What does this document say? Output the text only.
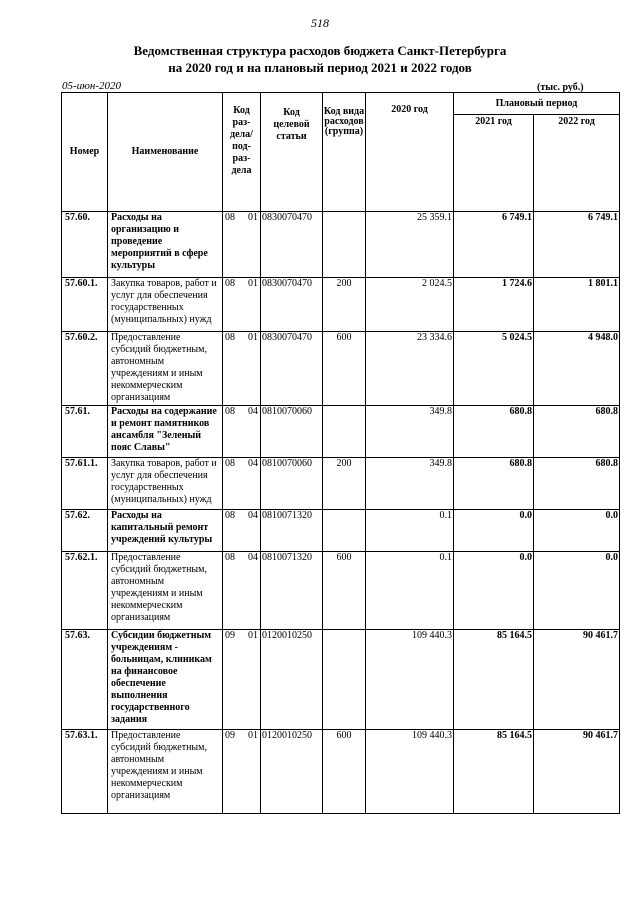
518
Ведомственная структура расходов бюджета Санкт-Петербурга
на 2020 год и на плановый период 2021 и 2022 годов
05-июн-2020	(тыс. руб.)
Номер	Наименование	Код раз- дела/ под- раз- дела	Код целевой статьи	Код вида расходов (группа)	2020 год	Плановый период	
						2021 год	2022 год
57.60.	Расходы на организацию и проведение мероприятий в сфере культуры	08 01	0830070470		25 359.1	6 749.1	6 749.1
57.60.1.	Закупка товаров, работ и услуг для обеспечения государственных (муниципальных) нужд	08 01	0830070470	200	2 024.5	1 724.6	1 801.1
57.60.2.	Предоставление субсидий бюджетным, автономным учреждениям и иным некоммерческим организациям	08 01	0830070470	600	23 334.6	5 024.5	4 948.0
57.61.	Расходы на содержание и ремонт памятников ансамбля "Зеленый пояс Славы"	08 04	0810070060		349.8	680.8	680.8
57.61.1.	Закупка товаров, работ и услуг для обеспечения государственных (муниципальных) нужд	08 04	0810070060	200	349.8	680.8	680.8
57.62.	Расходы на капитальный ремонт учреждений культуры	08 04	0810071320		0.1	0.0	0.0
57.62.1.	Предоставление субсидий бюджетным, автономным учреждениям и иным некоммерческим организациям	08 04	0810071320	600	0.1	0.0	0.0
57.63.	Субсидии бюджетным учреждениям - больницам, клиникам на финансовое обеспечение выполнения государственного задания	09 01	0120010250		109 440.3	85 164.5	90 461.7
57.63.1.	Предоставление субсидий бюджетным, автономным учреждениям и иным некоммерческим организациям	09 01	0120010250	600	109 440.3	85 164.5	90 461.7
